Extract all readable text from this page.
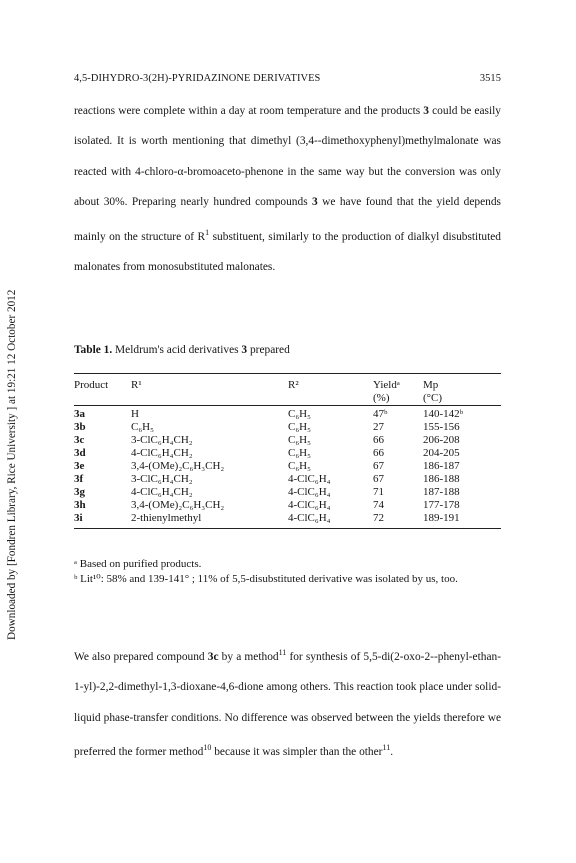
Downloaded by [Fondren Library, Rice University ] at 19:21 12 October 2012
4,5-DIHYDRO-3(2H)-PYRIDAZINONE DERIVATIVES	3515
reactions were complete within a day at room temperature and the products 3 could be easily isolated. It is worth mentioning that dimethyl (3,4--dimethoxyphenyl)methylmalonate was reacted with 4-chloro-α-bromoaceto-phenone in the same way but the conversion was only about 30%. Preparing nearly hundred compounds 3 we have found that the yield depends mainly on the structure of $R^1$ substituent, similarly to the production of dialkyl disubstituted malonates from monosubstituted malonates.
Table 1. Meldrum's acid derivatives 3 prepared
Product	R¹	R²	Yieldᵃ	Mp
			(%)	(°C)
3a	H	C₆H₅	47ᵇ	140-142ᵇ
3b	C₆H₅	C₆H₅	27	155-156
3c	3-ClC₆H₄CH₂	C₆H₅	66	206-208
3d	4-ClC₆H₄CH₂	C₆H₅	66	204-205
3e	3,4-(OMe)₂C₆H₃CH₂	C₆H₅	67	186-187
3f	3-ClC₆H₄CH₂	4-ClC₆H₄	67	186-188
3g	4-ClC₆H₄CH₂	4-ClC₆H₄	71	187-188
3h	3,4-(OMe)₂C₆H₃CH₂	4-ClC₆H₄	74	177-178
3i	2-thienylmethyl	4-ClC₆H₄	72	189-191
ᵃ Based on purified products.
ᵇ Lit¹⁰: 58% and 139-141° ; 11% of 5,5-disubstituted derivative was isolated by us, too.
We also prepared compound 3c by a method$^{11}$ for synthesis of 5,5-di(2-oxo-2--phenyl-ethan-1-yl)-2,2-dimethyl-1,3-dioxane-4,6-dione among others. This reaction took place under solid-liquid phase-transfer conditions. No difference was observed between the yields therefore we preferred the former method$^{10}$ because it was simpler than the other$^{11}$.
